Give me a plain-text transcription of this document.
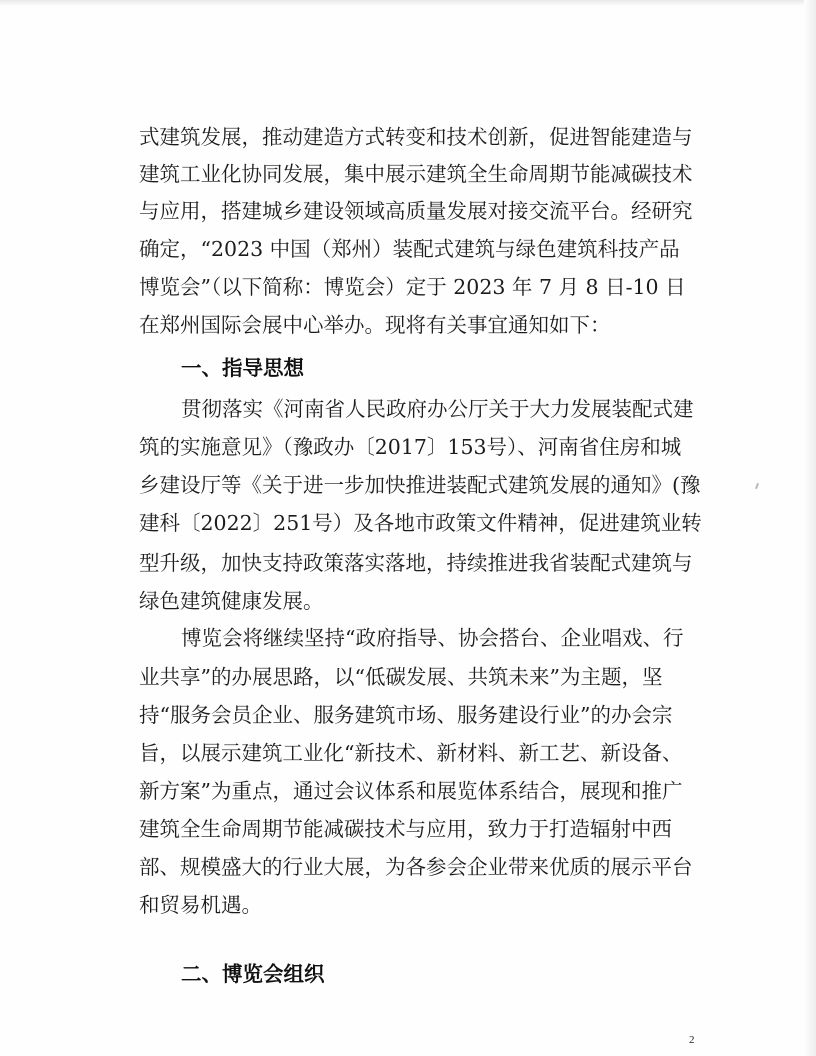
式建筑发展，推动建造方式转变和技术创新，促进智能建造与
建筑工业化协同发展，集中展示建筑全生命周期节能减碳技术
与应用，搭建城乡建设领域高质量发展对接交流平台。经研究
确定，“2023 中国（郑州）装配式建筑与绿色建筑科技产品
博览会”（以下简称：博览会）定于 2023 年 7 月 8 日-10 日
在郑州国际会展中心举办。现将有关事宜通知如下：
一、指导思想
贯彻落实《河南省人民政府办公厅关于大力发展装配式建
筑的实施意见》（豫政办〔2017〕153号）、河南省住房和城
乡建设厅等《关于进一步加快推进装配式建筑发展的通知》(豫
建科〔2022〕251号）及各地市政策文件精神，促进建筑业转
型升级，加快支持政策落实落地，持续推进我省装配式建筑与
绿色建筑健康发展。
博览会将继续坚持“政府指导、协会搭台、企业唱戏、行
业共享”的办展思路，以“低碳发展、共筑未来”为主题，坚
持“服务会员企业、服务建筑市场、服务建设行业”的办会宗
旨，以展示建筑工业化“新技术、新材料、新工艺、新设备、
新方案”为重点，通过会议体系和展览体系结合，展现和推广
建筑全生命周期节能减碳技术与应用，致力于打造辐射中西
部、规模盛大的行业大展，为各参会企业带来优质的展示平台
和贸易机遇。
二、博览会组织
2
